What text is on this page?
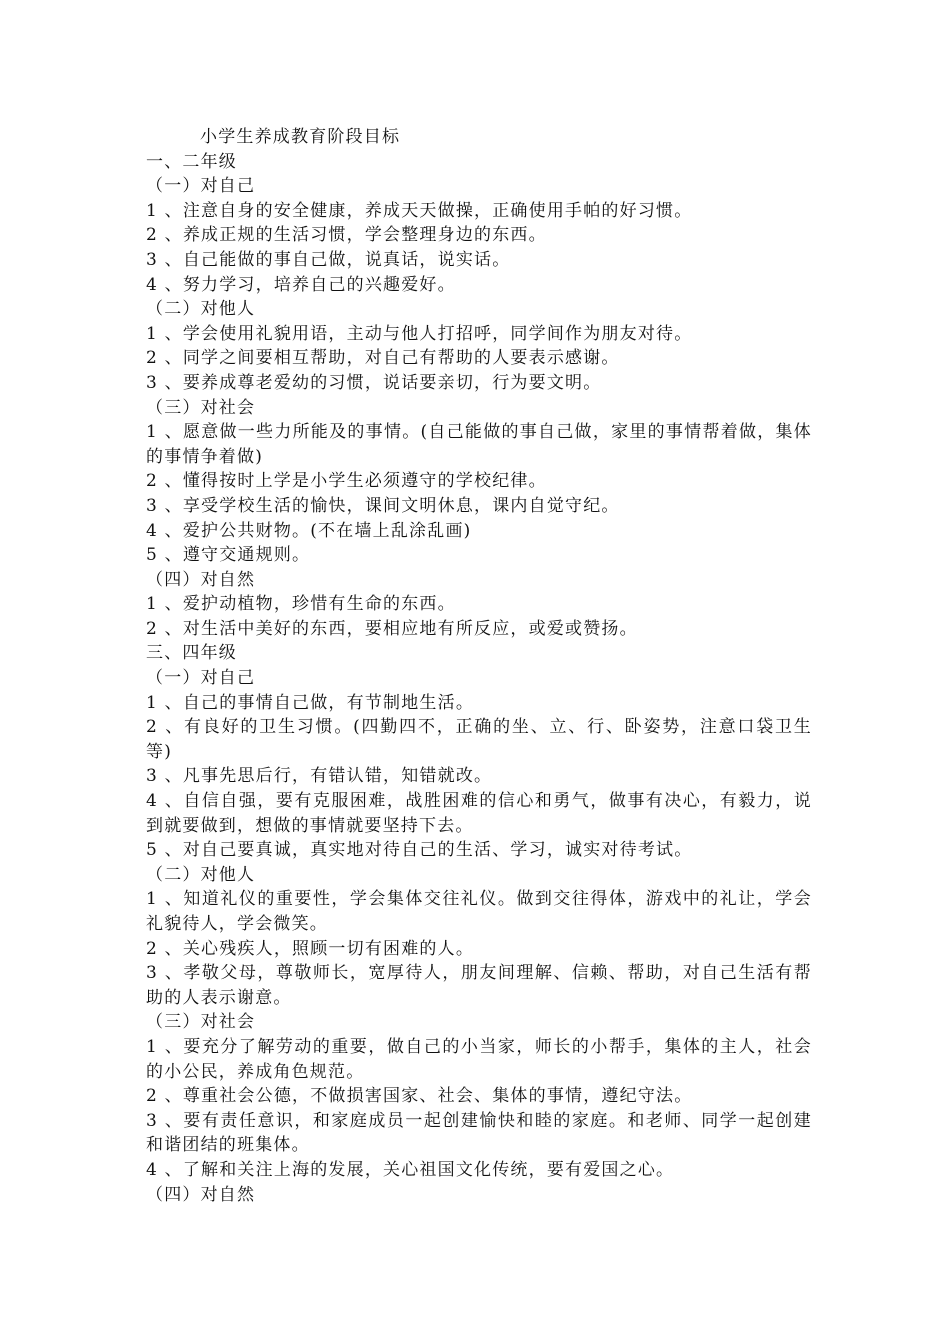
小学生养成教育阶段目标

一、二年级

（一）对自己

1 、注意自身的安全健康，养成天天做操，正确使用手帕的好习惯。

2 、养成正规的生活习惯，学会整理身边的东西。

3 、自己能做的事自己做，说真话，说实话。

4 、努力学习，培养自己的兴趣爱好。

（二）对他人

1 、学会使用礼貌用语，主动与他人打招呼，同学间作为朋友对待。

2 、同学之间要相互帮助，对自己有帮助的人要表示感谢。

3 、要养成尊老爱幼的习惯，说话要亲切，行为要文明。

（三）对社会

1 、愿意做一些力所能及的事情。(自己能做的事自己做，家里的事情帮着做，集体的事情争着做)

2 、懂得按时上学是小学生必须遵守的学校纪律。

3 、享受学校生活的愉快，课间文明休息，课内自觉守纪。

4 、爱护公共财物。(不在墙上乱涂乱画)

5 、遵守交通规则。

（四）对自然

1 、爱护动植物，珍惜有生命的东西。

2 、对生活中美好的东西，要相应地有所反应，或爱或赞扬。

三、四年级

（一）对自己

1 、自己的事情自己做，有节制地生活。

2 、有良好的卫生习惯。(四勤四不，正确的坐、立、行、卧姿势，注意口袋卫生等)

3 、凡事先思后行，有错认错，知错就改。

4 、自信自强，要有克服困难，战胜困难的信心和勇气，做事有决心，有毅力，说到就要做到，想做的事情就要坚持下去。

5 、对自己要真诚，真实地对待自己的生活、学习，诚实对待考试。

（二）对他人

1 、知道礼仪的重要性，学会集体交往礼仪。做到交往得体，游戏中的礼让，学会礼貌待人，学会微笑。

2 、关心残疾人，照顾一切有困难的人。

3 、孝敬父母，尊敬师长，宽厚待人，朋友间理解、信赖、帮助，对自己生活有帮助的人表示谢意。

（三）对社会

1 、要充分了解劳动的重要，做自己的小当家，师长的小帮手，集体的主人，社会的小公民，养成角色规范。

2 、尊重社会公德，不做损害国家、社会、集体的事情，遵纪守法。

3 、要有责任意识，和家庭成员一起创建愉快和睦的家庭。和老师、同学一起创建和谐团结的班集体。

4 、了解和关注上海的发展，关心祖国文化传统，要有爱国之心。

（四）对自然
